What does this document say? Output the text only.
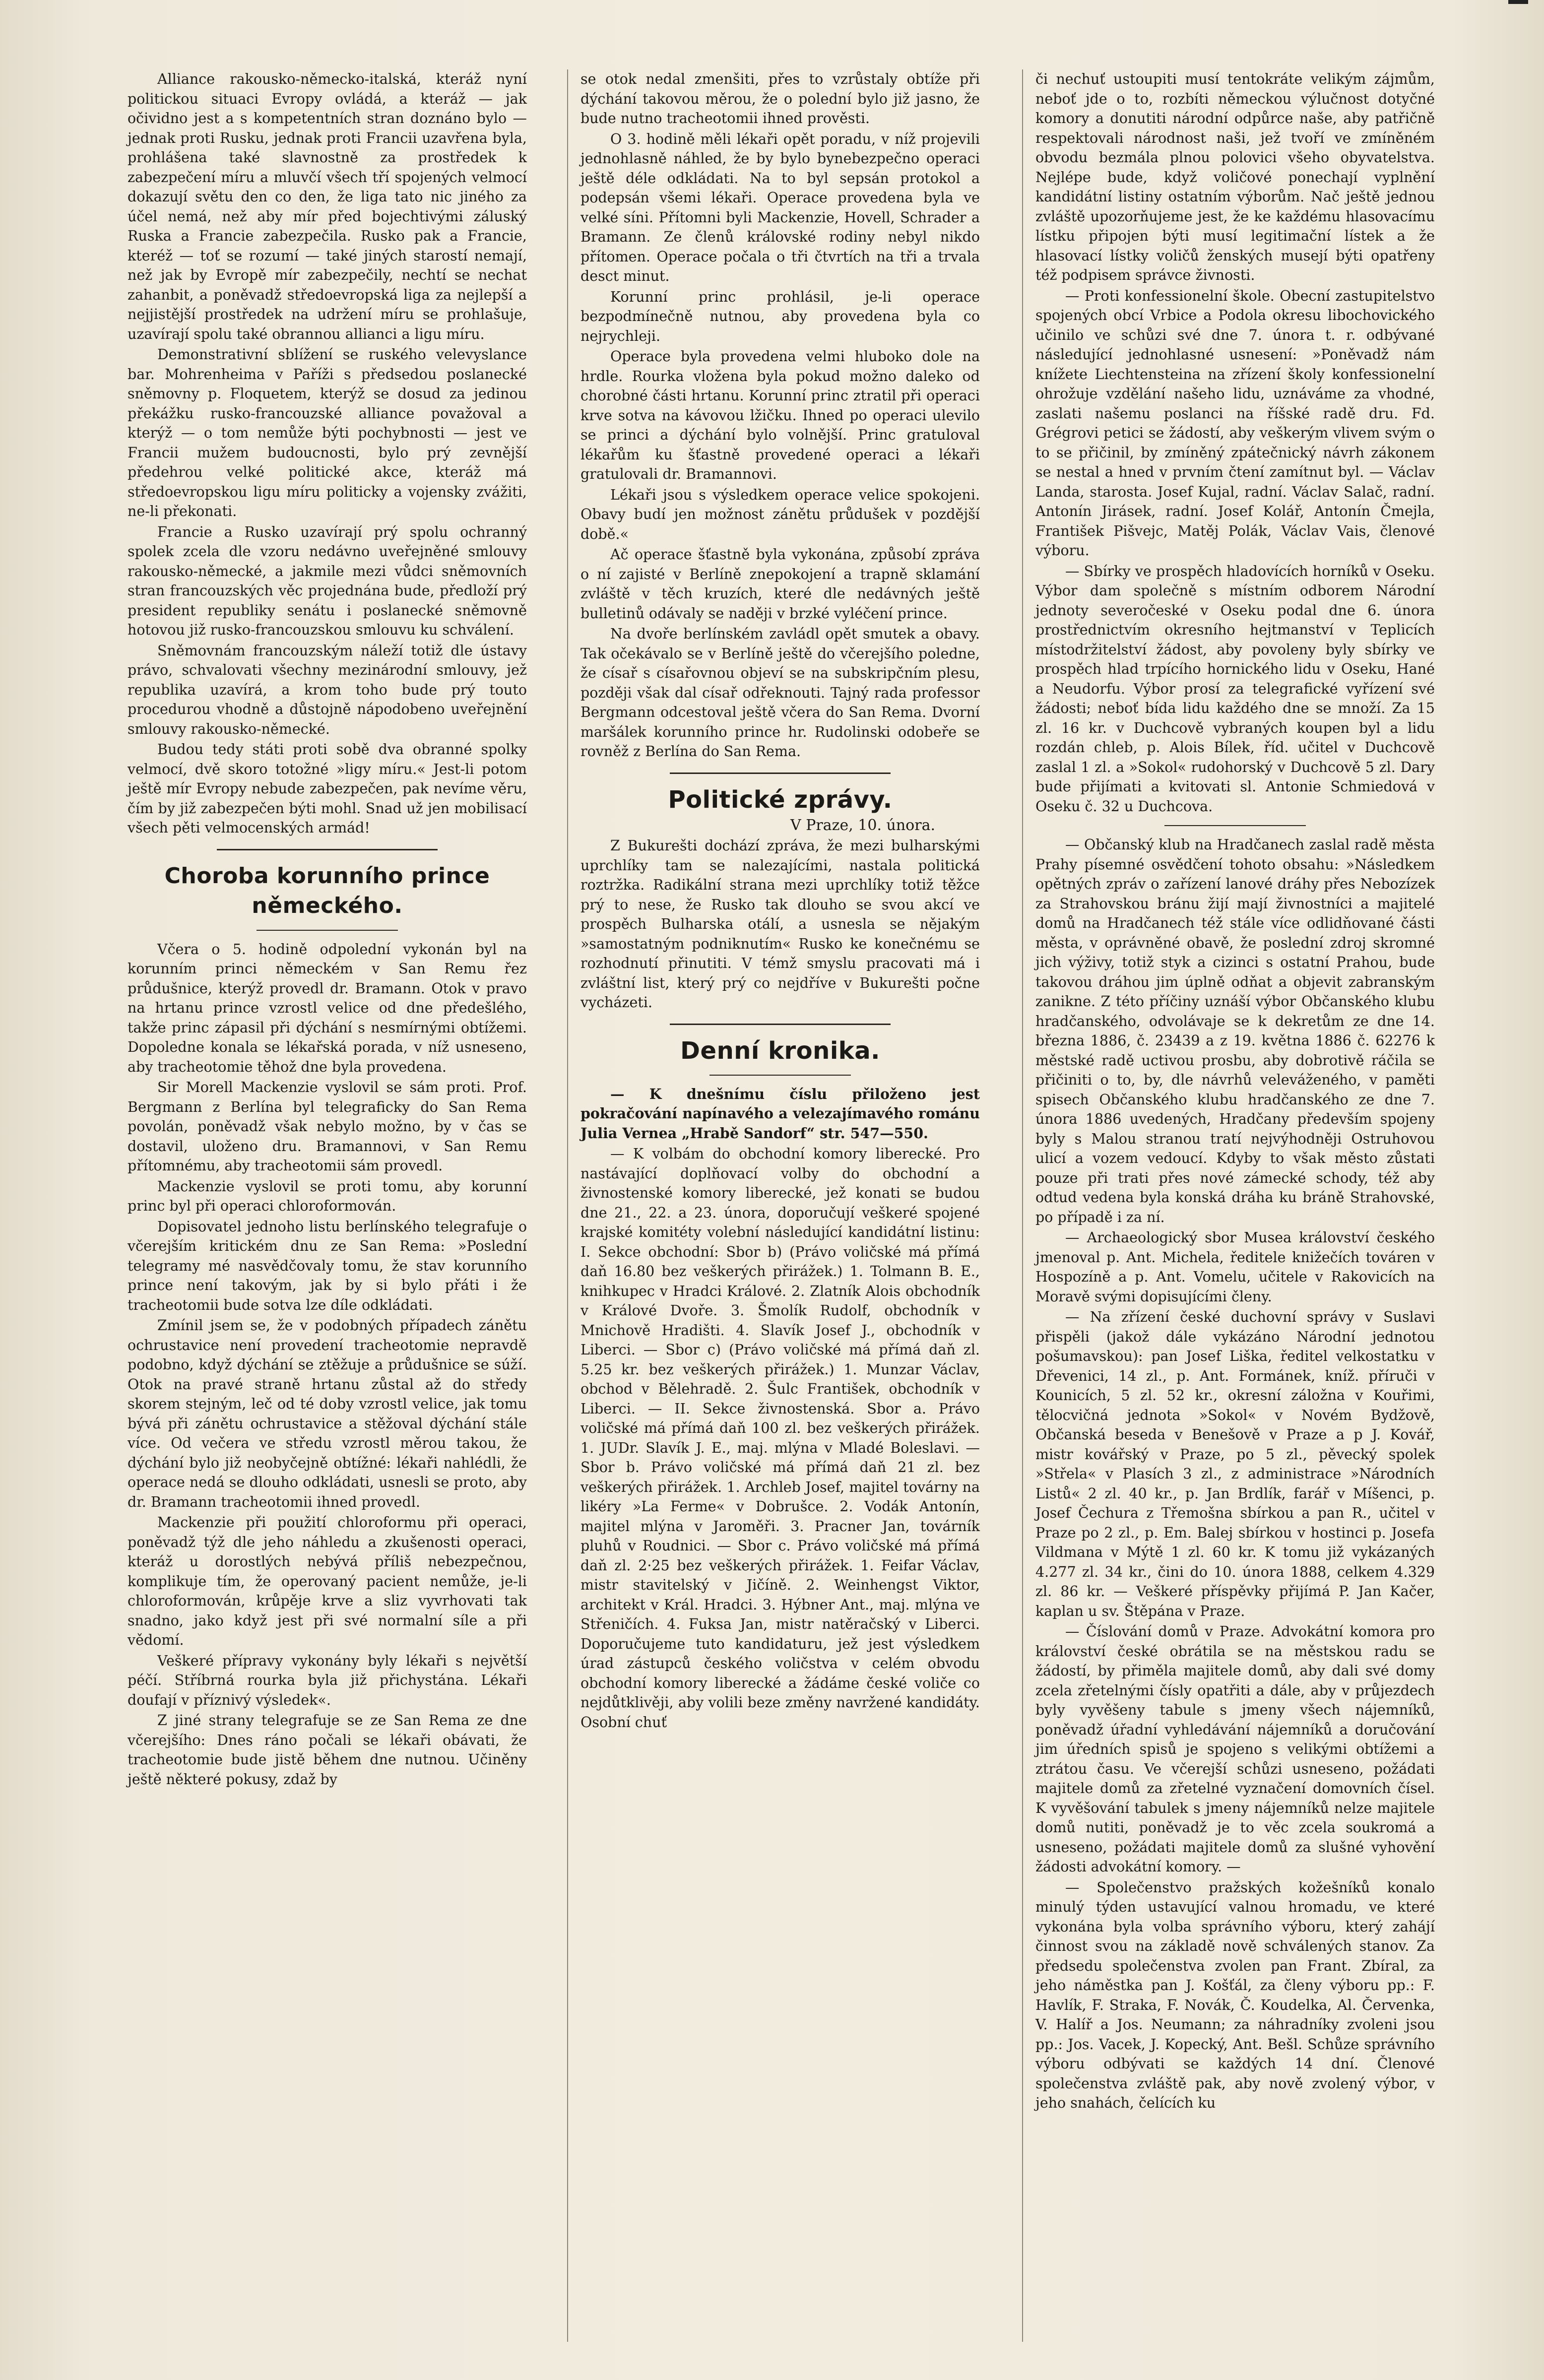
Alliance rakousko-německo-italská, kteráž nyní politickou situaci Evropy ovládá, a kteráž — jak očividno jest a s kompetentních stran doznáno bylo — jednak proti Rusku, jednak proti Francii uzavřena byla, prohlášena také slavnostně za prostředek k zabezpečení míru a mluvčí všech tří spojených velmocí dokazují světu den co den, že liga tato nic jiného za účel nemá, než aby mír před bojechtivými záluský Ruska a Francie zabezpečila. Rusko pak a Francie, kteréž — toť se rozumí — také jiných starostí nemají, než jak by Evropě mír zabezpečily, nechtí se nechat zahanbit, a poněvadž středoevropská liga za nejlepší a nejjistější prostředek na udržení míru se prohlašuje, uzavírají spolu také obrannou allianci a ligu míru.

Demonstrativní sblížení se ruského velevyslance bar. Mohrenheima v Paříži s předsedou poslanecké sněmovny p. Floquetem, kterýž se dosud za jedinou překážku rusko-francouzské alliance považoval a kterýž — o tom nemůže býti pochybnosti — jest ve Francii mužem budoucnosti, bylo prý zevnější předehrou velké politické akce, kteráž má středoevropskou ligu míru politicky a vojensky zvážiti, ne-li překonati.

Francie a Rusko uzavírají prý spolu ochranný spolek zcela dle vzoru nedávno uveřejněné smlouvy rakousko-německé, a jakmile mezi vůdci sněmovních stran francouzských věc projednána bude, předloží prý president republiky senátu i poslanecké sněmovně hotovou již rusko-francouzskou smlouvu ku schválení.

Sněmovnám francouzským náleží totiž dle ústavy právo, schvalovati všechny mezinárodní smlouvy, jež republika uzavírá, a krom toho bude prý touto procedurou vhodně a důstojně nápodobeno uveřejnění smlouvy rakousko-německé.

Budou tedy státi proti sobě dva obranné spolky velmocí, dvě skoro totožné »ligy míru.« Jest-li potom ještě mír Evropy nebude zabezpečen, pak nevíme věru, čím by již zabezpečen býti mohl. Snad už jen mobilisací všech pěti velmocenských armád!

Choroba korunního prince německého.

Včera o 5. hodině odpolední vykonán byl na korunním princi německém v San Remu řez průdušnice, kterýž provedl dr. Bramann. Otok v pravo na hrtanu prince vzrostl velice od dne předešlého, takže princ zápasil při dýchání s nesmírnými obtížemi. Dopoledne konala se lékařská porada, v níž usneseno, aby tracheotomie těhož dne byla provedena.

Sir Morell Mackenzie vyslovil se sám proti. Prof. Bergmann z Berlína byl telegraficky do San Rema povolán, poněvadž však nebylo možno, by v čas se dostavil, uloženo dru. Bramannovi, v San Remu přítomnému, aby tracheotomii sám provedl.

Mackenzie vyslovil se proti tomu, aby korunní princ byl při operaci chloroformován.

Dopisovatel jednoho listu berlínského telegrafuje o včerejším kritickém dnu ze San Rema: »Poslední telegramy mé nasvědčovaly tomu, že stav korunního prince není takovým, jak by si bylo přáti i že tracheotomii bude sotva lze díle odkládati.

Zmínil jsem se, že v podobných případech zánětu ochrustavice není provedení tracheotomie nepravdě podobno, když dýchání se ztěžuje a průdušnice se súží. Otok na pravé straně hrtanu zůstal až do středy skorem stejným, leč od té doby vzrostl velice, jak tomu bývá při zánětu ochrustavice a stěžoval dýchání stále více. Od večera ve středu vzrostl měrou takou, že dýchání bylo již neobyčejně obtížné: lékaři nahlédli, že operace nedá se dlouho odkládati, usnesli se proto, aby dr. Bramann tracheotomii ihned provedl.

Mackenzie při použití chloroformu při operaci, poněvadž týž dle jeho náhledu a zkušenosti operaci, kteráž u dorostlých nebývá příliš nebezpečnou, komplikuje tím, že operovaný pacient nemůže, je-li chloroformován, krůpěje krve a sliz vyvrhovati tak snadno, jako když jest při své normalní síle a při vědomí.

Veškeré přípravy vykonány byly lékaři s největší péčí. Stříbrná rourka byla již přichystána. Lékaři doufají v příznivý výsledek«.

Z jiné strany telegrafuje se ze San Rema ze dne včerejšího: Dnes ráno počali se lékaři obávati, že tracheotomie bude jistě během dne nutnou. Učiněny ještě některé pokusy, zdaž by

se otok nedal zmenšiti, přes to vzrůstaly obtíže při dýchání takovou měrou, že o polední bylo již jasno, že bude nutno tracheotomii ihned prověsti.

O 3. hodině měli lékaři opět poradu, v níž projevili jednohlasně náhled, že by bylo bynebezpečno operaci ještě déle odkládati. Na to byl sepsán protokol a podepsán všemi lékaři. Operace provedena byla ve velké síni. Přítomni byli Mackenzie, Hovell, Schrader a Bramann. Ze členů královské rodiny nebyl nikdo přítomen. Operace počala o tři čtvrtích na tři a trvala desct minut.

Korunní princ prohlásil, je-li operace bezpodmínečně nutnou, aby provedena byla co nejrychleji.

Operace byla provedena velmi hluboko dole na hrdle. Rourka vložena byla pokud možno daleko od chorobné části hrtanu. Korunní princ ztratil při operaci krve sotva na kávovou lžičku. Ihned po operaci ulevilo se princi a dýchání bylo volnější. Princ gratuloval lékařům ku šťastně provedené operaci a lékaři gratulovali dr. Bramannovi.

Lékaři jsou s výsledkem operace velice spokojeni. Obavy budí jen možnost zánětu průdušek v pozdější době.«

Ač operace šťastně byla vykonána, způsobí zpráva o ní zajisté v Berlíně znepokojení a trapně sklamání zvláště v těch kruzích, které dle nedávných ještě bulletinů odávaly se naději v brzké vyléčení prince.

Na dvoře berlínském zavládl opět smutek a obavy. Tak očekávalo se v Berlíně ještě do včerejšího poledne, že císař s císařovnou objeví se na subskripčním plesu, později však dal císař odřeknouti. Tajný rada professor Bergmann odcestoval ještě včera do San Rema. Dvorní maršálek korunního prince hr. Rudolinski odobeře se rovněž z Berlína do San Rema.

Politické zprávy.

V Praze, 10. února.

Z Bukurešti dochází zpráva, že mezi bulharskými uprchlíky tam se nalezajícími, nastala politická roztržka. Radikální strana mezi uprchlíky totiž těžce prý to nese, že Rusko tak dlouho se svou akcí ve prospěch Bulharska otálí, a usnesla se nějakým »samostatným podniknutím« Rusko ke konečnému se rozhodnutí přinutiti. V témž smyslu pracovati má i zvláštní list, který prý co nejdříve v Bukurešti počne vycházeti.

Denní kronika.

— K dnešnímu číslu přiloženo jest pokračování napínavého a velezajímavého románu Julia Vernea „Hrabě Sandorf“ str. 547—550.

— K volbám do obchodní komory liberecké. Pro nastávající doplňovací volby do obchodní a živnostenské komory liberecké, jež konati se budou dne 21., 22. a 23. února, doporučují veškeré spojené krajské komitéty volební následující kandidátní listinu: I. Sekce obchodní: Sbor b) (Právo voličské má přímá daň 16.80 bez veškerých přirážek.) 1. Tolmann B. E., knihkupec v Hradci Králové. 2. Zlatník Alois obchodník v Králové Dvoře. 3. Šmolík Rudolf, obchodník v Mnichově Hradišti. 4. Slavík Josef J., obchodník v Liberci. — Sbor c) (Právo voličské má přímá daň zl. 5.25 kr. bez veškerých přirážek.) 1. Munzar Václav, obchod v Bělehradě. 2. Šulc František, obchodník v Liberci. — II. Sekce živnostenská. Sbor a. Právo voličské má přímá daň 100 zl. bez veškerých přirážek. 1. JUDr. Slavík J. E., maj. mlýna v Mladé Boleslavi. — Sbor b. Právo voličské má přímá daň 21 zl. bez veškerých přirážek. 1. Archleb Josef, majitel továrny na likéry »La Ferme« v Dobrušce. 2. Vodák Antonín, majitel mlýna v Jaroměři. 3. Pracner Jan, továrník pluhů v Roudnici. — Sbor c. Právo voličské má přímá daň zl. 2·25 bez veškerých přirážek. 1. Feifar Václav, mistr stavitelský v Jičíně. 2. Weinhengst Viktor, architekt v Král. Hradci. 3. Hýbner Ant., maj. mlýna ve Střeničích. 4. Fuksa Jan, mistr natěračský v Liberci. Doporučujeme tuto kandidaturu, jež jest výsledkem úrad zástupců českého voličstva v celém obvodu obchodní komory liberecké a žádáme české voliče co nejdůtklivěji, aby volili beze změny navržené kandidáty. Osobní chuť

či nechuť ustoupiti musí tentokráte velikým zájmům, neboť jde o to, rozbíti německou výlučnost dotyčné komory a donutiti národní odpůrce naše, aby patřičně respektovali národnost naši, jež tvoří ve zmíněném obvodu bezmála plnou polovici všeho obyvatelstva. Nejlépe bude, když voličové ponechají vyplnění kandidátní listiny ostatním výborům. Nač ještě jednou zvláště upozorňujeme jest, že ke každému hlasovacímu lístku připojen býti musí legitimační lístek a že hlasovací lístky voličů ženských musejí býti opatřeny též podpisem správce živnosti.

— Proti konfessionelní škole. Obecní zastupitelstvo spojených obcí Vrbice a Podola okresu libochovického učinilo ve schůzi své dne 7. února t. r. odbývané následující jednohlasné usnesení: »Poněvadž nám knížete Liechtensteina na zřízení školy konfessionelní ohrožuje vzdělání našeho lidu, uznáváme za vhodné, zaslati našemu poslanci na říšské radě dru. Fd. Grégrovi petici se žádostí, aby veškerým vlivem svým o to se přičinil, by zmíněný zpátečnický návrh zákonem se nestal a hned v prvním čtení zamítnut byl. — Václav Landa, starosta. Josef Kujal, radní. Václav Salač, radní. Antonín Jirásek, radní. Josef Kolář, Antonín Čmejla, František Pišvejc, Matěj Polák, Václav Vais, členové výboru.

— Sbírky ve prospěch hladovících horníků v Oseku. Výbor dam společně s místním odborem Národní jednoty severočeské v Oseku podal dne 6. února prostřednictvím okresního hejtmanství v Teplicích místodržitelství žádost, aby povoleny byly sbírky ve prospěch hlad trpícího hornického lidu v Oseku, Hané a Neudorfu. Výbor prosí za telegrafické vyřízení své žádosti; neboť bída lidu každého dne se množí. Za 15 zl. 16 kr. v Duchcově vybraných koupen byl a lidu rozdán chleb, p. Alois Bílek, říd. učitel v Duchcově zaslal 1 zl. a »Sokol« rudohorský v Duchcově 5 zl. Dary bude přijímati a kvitovati sl. Antonie Schmiedová v Oseku č. 32 u Duchcova.

— Občanský klub na Hradčanech zaslal radě města Prahy písemné osvědčení tohoto obsahu: »Následkem opětných zpráv o zařízení lanové dráhy přes Nebozízek za Strahovskou bránu žijí mají živnostníci a majitelé domů na Hradčanech též stále více odlidňované části města, v oprávněné obavě, že poslední zdroj skromné jich výživy, totiž styk a cizinci s ostatní Prahou, bude takovou dráhou jim úplně odňat a objevit zabranským zanikne. Z této příčiny uznáší výbor Občanského klubu hradčanského, odvolávaje se k dekretům ze dne 14. března 1886, č. 23439 a z 19. května 1886 č. 62276 k městské radě uctivou prosbu, aby dobrotivě ráčila se přičiniti o to, by, dle návrhů veleváženého, v paměti spisech Občanského klubu hradčanského ze dne 7. února 1886 uvedených, Hradčany především spojeny byly s Malou stranou tratí nejvýhodněji Ostruhovou ulicí a vozem vedoucí. Kdyby to však město zůstati pouze při trati přes nové zámecké schody, též aby odtud vedena byla konská dráha ku bráně Strahovské, po případě i za ní.

— Archaeologický sbor Musea království českého jmenoval p. Ant. Michela, ředitele knižečích továren v Hospozíně a p. Ant. Vomelu, učitele v Rakovicích na Moravě svými dopisujícími členy.

— Na zřízení české duchovní správy v Suslavi přispěli (jakož dále vykázáno Národní jednotou pošumavskou): pan Josef Liška, ředitel velkostatku v Dřevenici, 14 zl., p. Ant. Formánek, kníž. příruči v Kounicích, 5 zl. 52 kr., okresní záložna v Kouřimi, tělocvičná jednota »Sokol« v Novém Bydžově, Občanská beseda v Benešově v Praze a p J. Kovář, mistr kovářský v Praze, po 5 zl., pěvecký spolek »Střela« v Plasích 3 zl., z administrace »Národních Listů« 2 zl. 40 kr., p. Jan Brdlík, farář v Míšenci, p. Josef Čechura z Třemošna sbírkou a pan R., učitel v Praze po 2 zl., p. Em. Balej sbírkou v hostinci p. Josefa Vildmana v Mýtě 1 zl. 60 kr. K tomu již vykázaných 4.277 zl. 34 kr., čini do 10. února 1888, celkem 4.329 zl. 86 kr. — Veškeré příspěvky přijímá P. Jan Kačer, kaplan u sv. Štěpána v Praze.

— Číslování domů v Praze. Advokátní komora pro království české obrátila se na městskou radu se žádostí, by přiměla majitele domů, aby dali své domy zcela zřetelnými čísly opatřiti a dále, aby v průjezdech byly vyvěšeny tabule s jmeny všech nájemníků, poněvadž úřadní vyhledávání nájemníků a doručování jim úředních spisů je spojeno s velikými obtížemi a ztrátou času. Ve včerejší schůzi usneseno, požádati majitele domů za zřetelné vyznačení domovních čísel. K vyvěšování tabulek s jmeny nájemníků nelze majitele domů nutiti, poněvadž je to věc zcela soukromá a usneseno, požádati majitele domů za slušné vyhovění žádosti advokátní komory. —

— Společenstvo pražských kožešníků konalo minulý týden ustavující valnou hromadu, ve které vykonána byla volba správního výboru, který zahájí činnost svou na základě nově schválených stanov. Za předsedu společenstva zvolen pan Frant. Zbíral, za jeho náměstka pan J. Košťál, za členy výboru pp.: F. Havlík, F. Straka, F. Novák, Č. Koudelka, Al. Červenka, V. Halíř a Jos. Neumann; za náhradníky zvoleni jsou pp.: Jos. Vacek, J. Kopecký, Ant. Bešl. Schůze správního výboru odbývati se každých 14 dní. Členové společenstva zvláště pak, aby nově zvolený výbor, v jeho snahách, čelících ku
